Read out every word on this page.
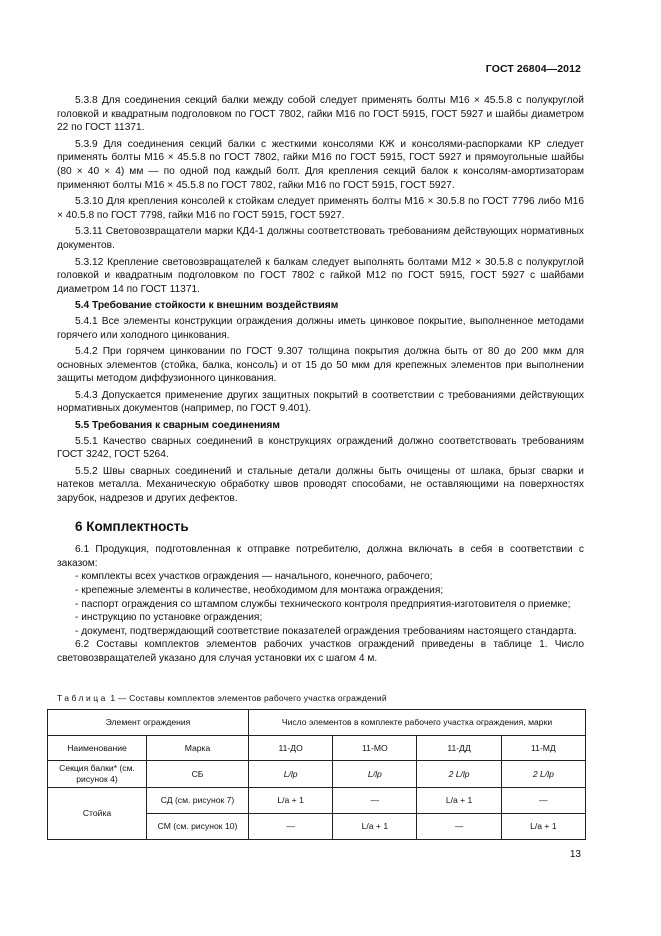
ГОСТ 26804—2012

5.3.8 Для соединения секций балки между собой следует применять болты М16 × 45.5.8 с полукруглой головкой и квадратным подголовком по ГОСТ 7802, гайки М16 по ГОСТ 5915, ГОСТ 5927 и шайбы диаметром 22 по ГОСТ 11371.

5.3.9 Для соединения секций балки с жесткими консолями КЖ и консолями-распорками КР следует применять болты М16 × 45.5.8 по ГОСТ 7802, гайки М16 по ГОСТ 5915, ГОСТ 5927 и прямоугольные шайбы (80 × 40 × 4) мм — по одной под каждый болт. Для крепления секций балок к консолям-амортизаторам применяют болты М16 × 45.5.8 по ГОСТ 7802, гайки М16 по ГОСТ 5915, ГОСТ 5927.

5.3.10 Для крепления консолей к стойкам следует применять болты М16 × 30.5.8 по ГОСТ 7796 либо М16 × 40.5.8 по ГОСТ 7798, гайки М16 по ГОСТ 5915, ГОСТ 5927.

5.3.11 Световозвращатели марки КД4-1 должны соответствовать требованиям действующих нормативных документов.

5.3.12 Крепление световозвращателей к балкам следует выполнять болтами М12 × 30.5.8 с полукруглой головкой и квадратным подголовком по ГОСТ 7802 с гайкой М12 по ГОСТ 5915, ГОСТ 5927 с шайбами диаметром 14 по ГОСТ 11371.

5.4 Требование стойкости к внешним воздействиям

5.4.1 Все элементы конструкции ограждения должны иметь цинковое покрытие, выполненное методами горячего или холодного цинкования.

5.4.2 При горячем цинковании по ГОСТ 9.307 толщина покрытия должна быть от 80 до 200 мкм для основных элементов (стойка, балка, консоль) и от 15 до 50 мкм для крепежных элементов при выполнении защиты методом диффузионного цинкования.

5.4.3 Допускается применение других защитных покрытий в соответствии с требованиями действующих нормативных документов (например, по ГОСТ 9.401).

5.5 Требования к сварным соединениям

5.5.1 Качество сварных соединений в конструкциях ограждений должно соответствовать требованиям ГОСТ 3242, ГОСТ 5264.

5.5.2 Швы сварных соединений и стальные детали должны быть очищены от шлака, брызг сварки и натеков металла. Механическую обработку швов проводят способами, не оставляющими на поверхностях зарубок, надрезов и других дефектов.

6 Комплектность

6.1 Продукция, подготовленная к отправке потребителю, должна включать в себя в соответствии с заказом:

- комплекты всех участков ограждения — начального, конечного, рабочего;

- крепежные элементы в количестве, необходимом для монтажа ограждения;

- паспорт ограждения со штампом службы технического контроля предприятия-изготовителя о приемке;

- инструкцию по установке ограждения;

- документ, подтверждающий соответствие показателей ограждения требованиям настоящего стандарта.

6.2 Составы комплектов элементов рабочих участков ограждений приведены в таблице 1. Число световозвращателей указано для случая установки их с шагом 4 м.

Таблица 1 — Составы комплектов элементов рабочего участка ограждений
Элемент ограждения		Число элементов в комплекте рабочего участка ограждения, марки			
Наименование	Марка	11-ДО	11-МО	11-ДД	11-МД
Секция балки* (см. рисунок 4)	СБ	L/lр	L/lр	2 L/lр	2 L/lр
Стойка	СД (см. рисунок 7)	L/a + 1	—	L/a + 1	—
	СМ (см. рисунок 10)	—	L/a + 1	—	L/a + 1
13
